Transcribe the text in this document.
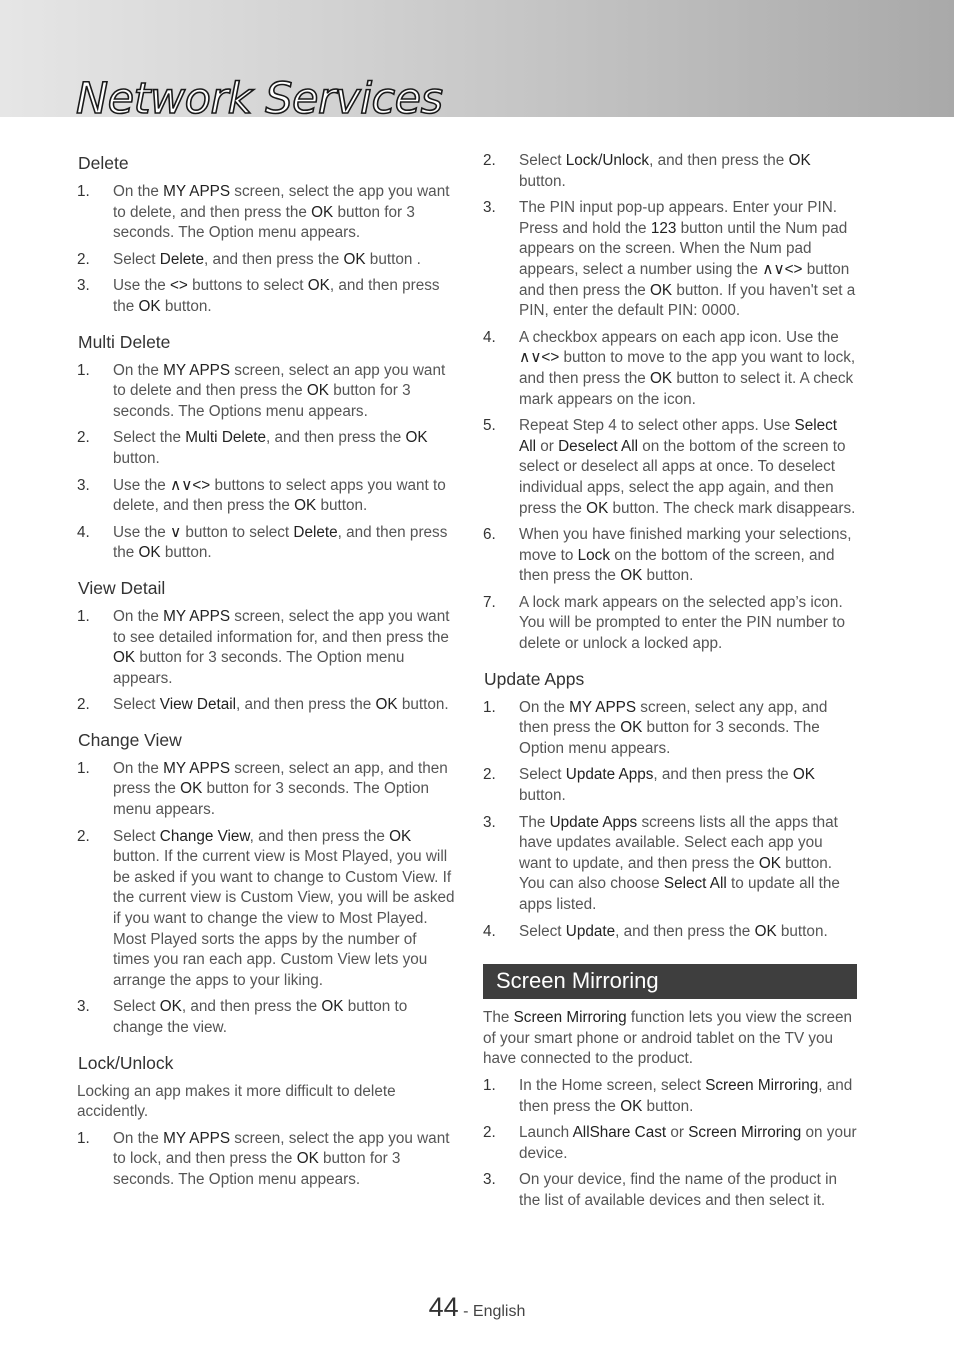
Network Services
Delete
1.	On the MY APPS screen, select the app you want to delete, and then press the OK button for 3 seconds. The Option menu appears.
2.	Select Delete, and then press the OK button .
3.	Use the <> buttons to select OK, and then press the OK button.
Multi Delete
1.	On the MY APPS screen, select an app you want to delete and then press the OK button for 3 seconds. The Options menu appears.
2.	Select the Multi Delete, and then press the OK button.
3.	Use the ∧∨<> buttons to select apps you want to delete, and then press the OK button.
4.	Use the ∨ button to select Delete, and then press the OK button.
View Detail
1.	On the MY APPS screen, select the app you want to see detailed information for, and then press the OK button for 3 seconds. The Option menu appears.
2.	Select View Detail, and then press the OK button.
Change View
1.	On the MY APPS screen, select an app, and then press the OK button for 3 seconds. The Option menu appears.
2.	Select Change View, and then press the OK button. If the current view is Most Played, you will be asked if you want to change to Custom View. If the current view is Custom View, you will be asked if you want to change the view to Most Played. Most Played sorts the apps by the number of times you ran each app. Custom View lets you arrange the apps to your liking.
3.	Select OK, and then press the OK button to change the view.
Lock/Unlock
Locking an app makes it more difficult to delete accidently.
1.	On the MY APPS screen, select the app you want to lock, and then press the OK button for 3 seconds. The Option menu appears.
2.	Select Lock/Unlock, and then press the OK button.
3.	The PIN input pop-up appears. Enter your PIN. Press and hold the 123 button until the Num pad appears on the screen. When the Num pad appears, select a number using the ∧∨<> button and then press the OK button. If you haven't set a PIN, enter the default PIN: 0000.
4.	A checkbox appears on each app icon. Use the ∧∨<> button to move to the app you want to lock, and then press the OK button to select it. A check mark appears on the icon.
5.	Repeat Step 4 to select other apps. Use Select All or Deselect All on the bottom of the screen to select or deselect all apps at once. To deselect individual apps, select the app again, and then press the OK button. The check mark disappears.
6.	When you have finished marking your selections, move to Lock on the bottom of the screen, and then press the OK button.
7.	A lock mark appears on the selected app’s icon. You will be prompted to enter the PIN number to delete or unlock a locked app.
Update Apps
1.	On the MY APPS screen, select any app, and then press the OK button for 3 seconds. The Option menu appears.
2.	Select Update Apps, and then press the OK button.
3.	The Update Apps screens lists all the apps that have updates available. Select each app you want to update, and then press the OK button. You can also choose Select All to update all the apps listed.
4.	Select Update, and then press the OK button.
Screen Mirroring
The Screen Mirroring function lets you view the screen of your smart phone or android tablet on the TV you have connected to the product.
1.	In the Home screen, select Screen Mirroring, and then press the OK button.
2.	Launch AllShare Cast or Screen Mirroring on your device.
3.	On your device, find the name of the product in the list of available devices and then select it.
44 - English
